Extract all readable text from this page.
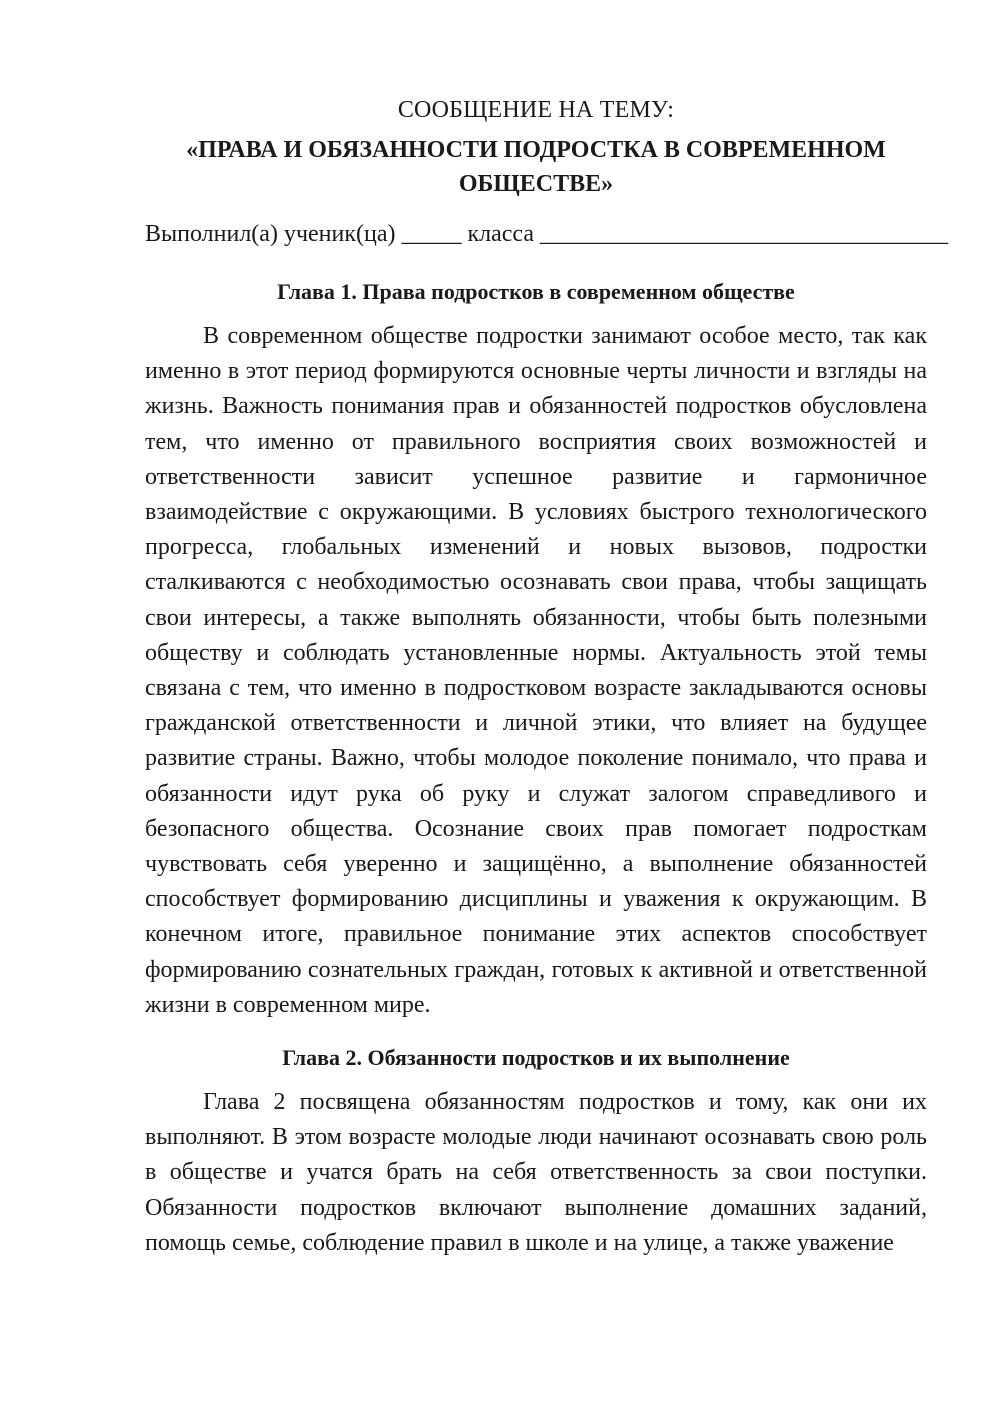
СООБЩЕНИЕ НА ТЕМУ:
«ПРАВА И ОБЯЗАННОСТИ ПОДРОСТКА В СОВРЕМЕННОМ ОБЩЕСТВЕ»
Выполнил(а) ученик(ца) _____ класса __________________________________
Глава 1. Права подростков в современном обществе

В современном обществе подростки занимают особое место, так как именно в этот период формируются основные черты личности и взгляды на жизнь. Важность понимания прав и обязанностей подростков обусловлена тем, что именно от правильного восприятия своих возможностей и ответственности зависит успешное развитие и гармоничное взаимодействие с окружающими. В условиях быстрого технологического прогресса, глобальных изменений и новых вызовов, подростки сталкиваются с необходимостью осознавать свои права, чтобы защищать свои интересы, а также выполнять обязанности, чтобы быть полезными обществу и соблюдать установленные нормы. Актуальность этой темы связана с тем, что именно в подростковом возрасте закладываются основы гражданской ответственности и личной этики, что влияет на будущее развитие страны. Важно, чтобы молодое поколение понимало, что права и обязанности идут рука об руку и служат залогом справедливого и безопасного общества. Осознание своих прав помогает подросткам чувствовать себя уверенно и защищённо, а выполнение обязанностей способствует формированию дисциплины и уважения к окружающим. В конечном итоге, правильное понимание этих аспектов способствует формированию сознательных граждан, готовых к активной и ответственной жизни в современном мире.

Глава 2. Обязанности подростков и их выполнение

Глава 2 посвящена обязанностям подростков и тому, как они их выполняют. В этом возрасте молодые люди начинают осознавать свою роль в обществе и учатся брать на себя ответственность за свои поступки. Обязанности подростков включают выполнение домашних заданий, помощь семье, соблюдение правил в школе и на улице, а также уважение
